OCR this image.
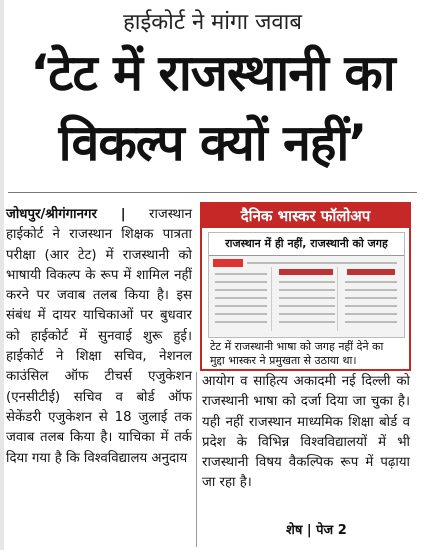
हाईकोर्ट ने मांगा जवाब
‘टेट में राजस्थानी का
विकल्प क्यों नहीं’

जोधपुर/श्रीगंगानगर | राजस्थान हाईकोर्ट ने राजस्थान शिक्षक पात्रता परीक्षा (आर टेट) में राजस्थानी को भाषायी विकल्प के रूप में शामिल नहीं करने पर जवाब तलब किया है। इस संबंध में दायर याचिकाओं पर बुधवार को हाईकोर्ट में सुनवाई शुरू हुई। हाईकोर्ट ने शिक्षा सचिव, नेशनल काउंसिल ऑफ टीचर्स एजुकेशन (एनसीटीई) सचिव व बोर्ड ऑफ सेकेंडरी एजुकेशन से 18 जुलाई तक जवाब तलब किया है। याचिका में तर्क दिया गया है कि विश्वविद्यालय अनुदाय

दैनिक भास्कर फॉलोअप
राजस्थान में ही नहीं, राजस्थानी को जगह
टेट में राजस्थानी भाषा को जगह नहीं देने का मुद्दा भास्कर ने प्रमुखता से उठाया था।

आयोग व साहित्य अकादमी नई दिल्ली को राजस्थानी भाषा को दर्जा दिया जा चुका है। यही नहीं राजस्थान माध्यमिक शिक्षा बोर्ड व प्रदेश के विभिन्न विश्वविद्यालयों में भी राजस्थानी विषय वैकल्पिक रूप में पढ़ाया जा रहा है।

शेष | पेज 2
